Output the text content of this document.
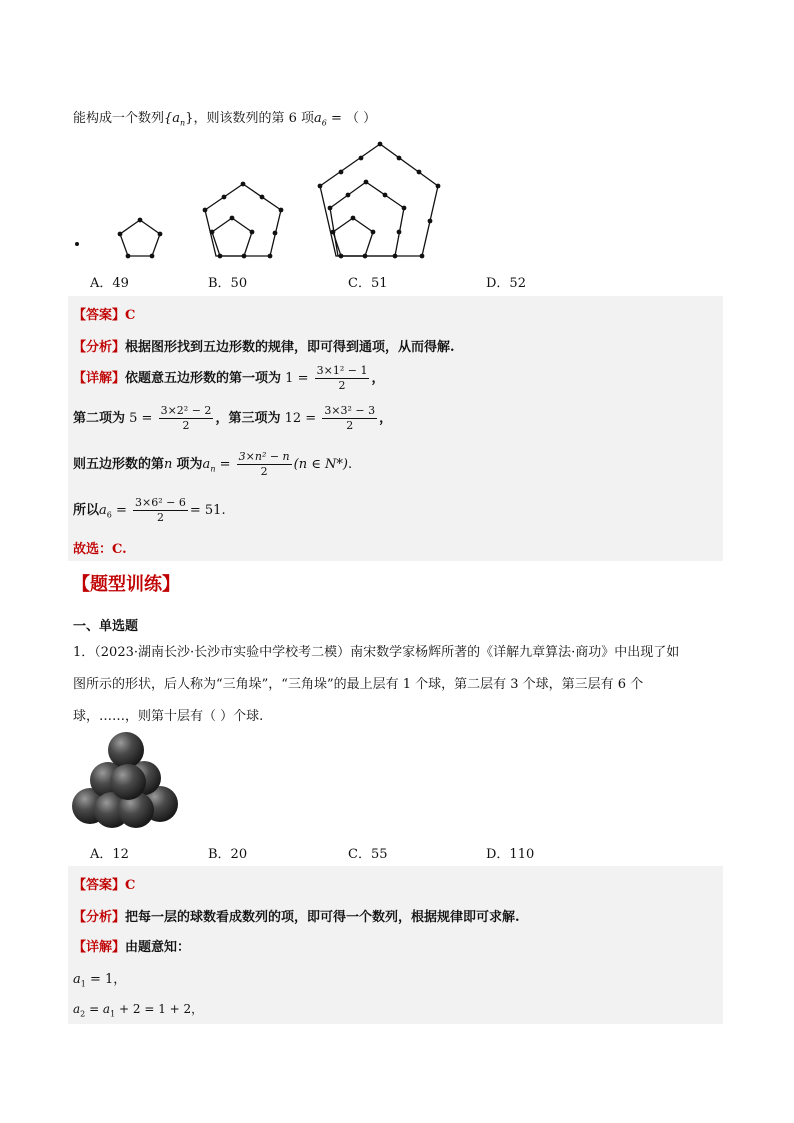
能构成一个数列$\{a_n\}$，则该数列的第 6 项$a_6$ = （ ）
A．49	B．50	C．51	D．52
【答案】C
【分析】根据图形找到五边形数的规律，即可得到通项，从而得解.
【详解】依题意五边形数的第一项为 $1 = \frac{\text{3×1² − 1}}{2}$ ，
第二项为 $5 = \frac{\text{3×2² − 2}}{2}$ ，第三项为 $12 = \frac{\text{3×3² − 3}}{2}$ ，
则五边形数的第n 项为$a_n = \frac{\text{3×n² − n}}{2} (n$ ∈ N*).
所以$a_6 = \frac{\text{3×6² − 6}}{2} = 51$.
故选：C.
【题型训练】
一、单选题
1．（2023·湖南长沙·长沙市实验中学校考二模）南宋数学家杨辉所著的《详解九章算法·商功》中出现了如
图所示的形状，后人称为“三角垛”，“三角垛”的最上层有 1 个球，第二层有 3 个球，第三层有 6 个
球，……，则第十层有（ ）个球.
A．12	B．20	C．55	D．110
【答案】C
【分析】把每一层的球数看成数列的项，即可得一个数列，根据规律即可求解.
【详解】由题意知：
$a_1 = 1$，
$a_2 = a_1 + 2 = 1 + 2$，
